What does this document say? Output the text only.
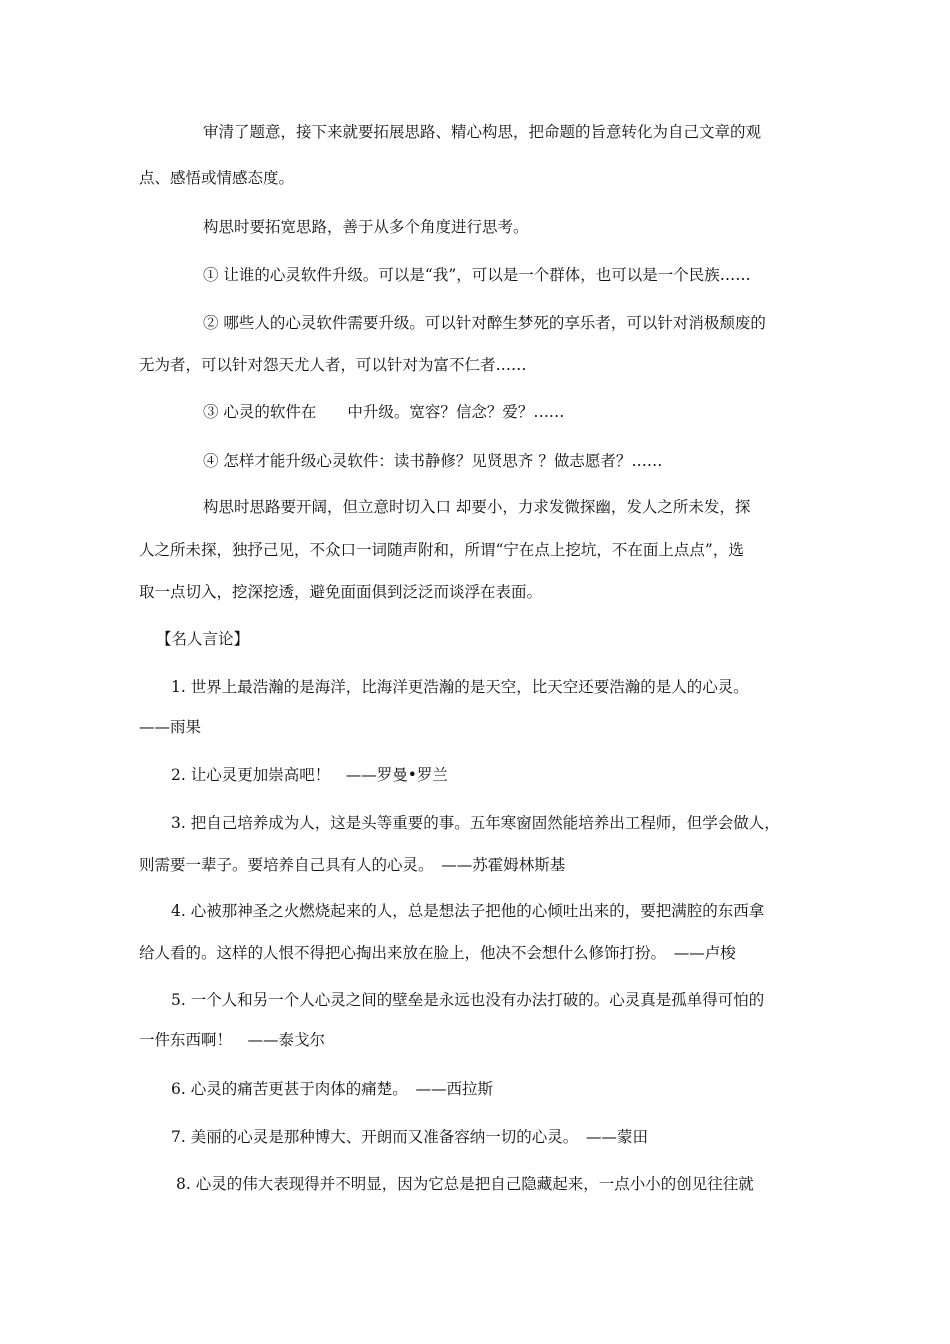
审清了题意，接下来就要拓展思路、精心构思，把命题的旨意转化为自己文章的观
点、感悟或情感态度。
构思时要拓宽思路，善于从多个角度进行思考。
① 让谁的心灵软件升级。可以是“我”，可以是一个群体，也可以是一个民族……
② 哪些人的心灵软件需要升级。可以针对醉生梦死的享乐者，可以针对消极颓废的
无为者，可以针对怨天尤人者，可以针对为富不仁者……
③ 心灵的软件在　　中升级。宽容？信念？爱？……
④ 怎样才能升级心灵软件：读书静修？见贤思齐 ？做志愿者？……
构思时思路要开阔，但立意时切入口 却要小，力求发微探幽，发人之所未发，探
人之所未探，独抒己见，不众口一词随声附和，所谓“宁在点上挖坑，不在面上点点”，选
取一点切入，挖深挖透，避免面面俱到泛泛而谈浮在表面。
【名人言论】
1. 世界上最浩瀚的是海洋，比海洋更浩瀚的是天空，比天空还要浩瀚的是人的心灵。
——雨果
2. 让心灵更加崇高吧！　——罗曼•罗兰
3. 把自己培养成为人，这是头等重要的事。五年寒窗固然能培养出工程师，但学会做人，
则需要一辈子。要培养自己具有人的心灵。　——苏霍姆林斯基
4. 心被那神圣之火燃烧起来的人，总是想法子把他的心倾吐出来的，要把满腔的东西拿
给人看的。这样的人恨不得把心掏出来放在脸上，他决不会想什么修饰打扮。　——卢梭
5. 一个人和另一个人心灵之间的壁垒是永远也没有办法打破的。心灵真是孤单得可怕的
一件东西啊！　——泰戈尔
6. 心灵的痛苦更甚于肉体的痛楚。　——西拉斯
7. 美丽的心灵是那种博大、开朗而又准备容纳一切的心灵。　——蒙田
8. 心灵的伟大表现得并不明显，因为它总是把自己隐藏起来，一点小小的创见往往就
